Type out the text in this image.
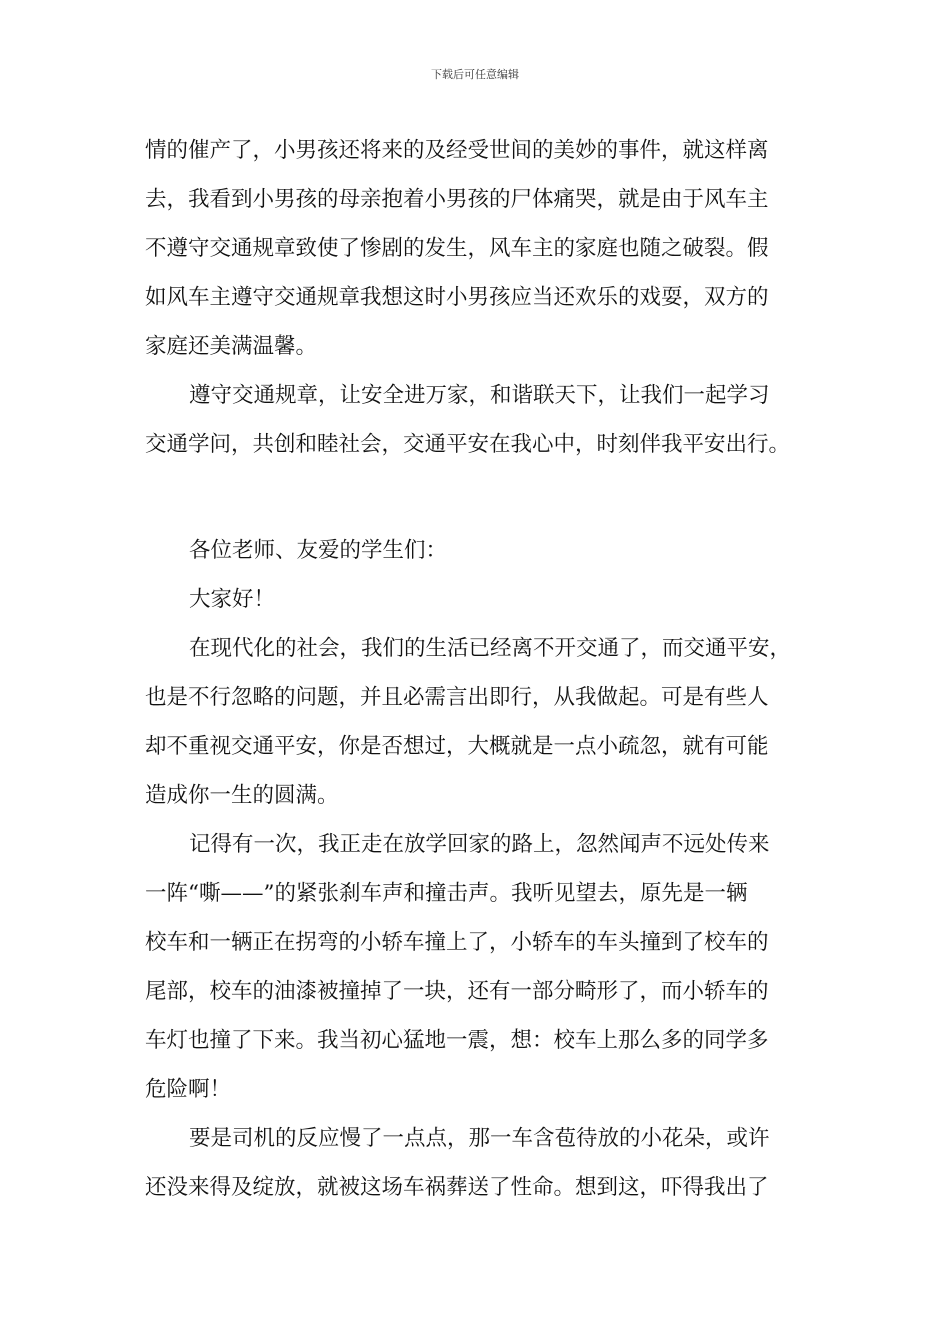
下载后可任意编辑
情的催产了，小男孩还将来的及经受世间的美妙的事件，就这样离
去，我看到小男孩的母亲抱着小男孩的尸体痛哭，就是由于风车主
不遵守交通规章致使了惨剧的发生，风车主的家庭也随之破裂。假
如风车主遵守交通规章我想这时小男孩应当还欢乐的戏耍，双方的
家庭还美满温馨。
遵守交通规章，让安全进万家，和谐联天下，让我们一起学习
交通学问，共创和睦社会，交通平安在我心中，时刻伴我平安出行。
各位老师、友爱的学生们：
大家好！
在现代化的社会，我们的生活已经离不开交通了，而交通平安，
也是不行忽略的问题，并且必需言出即行，从我做起。可是有些人
却不重视交通平安，你是否想过，大概就是一点小疏忽，就有可能
造成你一生的圆满。
记得有一次，我正走在放学回家的路上，忽然闻声不远处传来
一阵“嘶——”的紧张刹车声和撞击声。我听见望去，原先是一辆
校车和一辆正在拐弯的小轿车撞上了，小轿车的车头撞到了校车的
尾部，校车的油漆被撞掉了一块，还有一部分畸形了，而小轿车的
车灯也撞了下来。我当初心猛地一震，想：校车上那么多的同学多
危险啊！
要是司机的反应慢了一点点，那一车含苞待放的小花朵，或许
还没来得及绽放，就被这场车祸葬送了性命。想到这，吓得我出了
